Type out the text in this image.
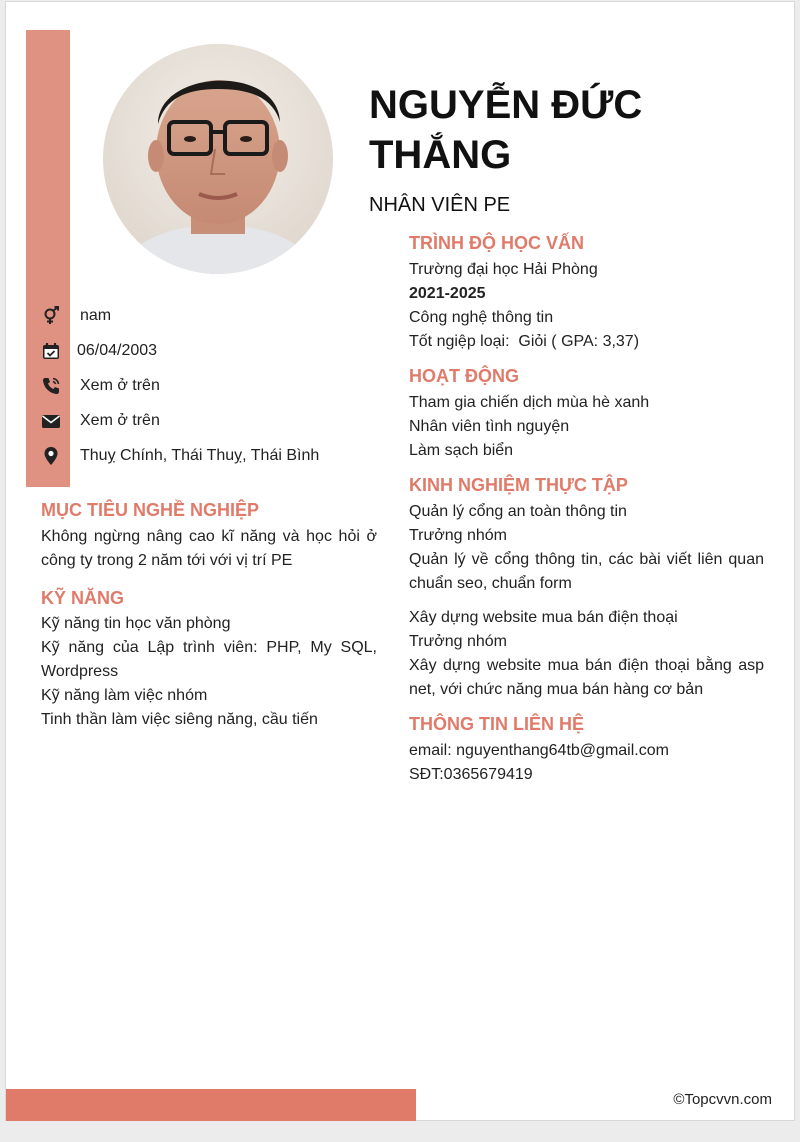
NGUYỄN ĐỨC THẮNG
NHÂN VIÊN PE
nam
06/04/2003
Xem ở trên
Xem ở trên
Thuỵ Chính, Thái Thuỵ, Thái Bình
MỤC TIÊU NGHỀ NGHIỆP
Không ngừng nâng cao kĩ năng và học hỏi ở công ty trong 2 năm tới với vị trí PE
KỸ NĂNG
Kỹ năng tin học văn phòng
Kỹ năng của Lập trình viên: PHP, My SQL, Wordpress
Kỹ năng làm việc nhóm
Tinh thần làm việc siêng năng, cầu tiến
TRÌNH ĐỘ HỌC VẤN
Trường đại học Hải Phòng
2021-2025
Công nghệ thông tin
Tốt ngiệp loại:  Giỏi ( GPA: 3,37)
HOẠT ĐỘNG
Tham gia chiến dịch mùa hè xanh
Nhân viên tình nguyện
Làm sạch biển
KINH NGHIỆM THỰC TẬP
Quản lý cổng an toàn thông tin
Trưởng nhóm
Quản lý về cổng thông tin, các bài viết liên quan chuẩn seo, chuẩn form
Xây dựng website mua bán điện thoại
Trưởng nhóm
Xây dựng website mua bán điện thoại bằng asp net, với chức năng mua bán hàng cơ bản
THÔNG TIN LIÊN HỆ
email: nguyenthang64tb@gmail.com
SĐT:0365679419
©Topcvvn.com
